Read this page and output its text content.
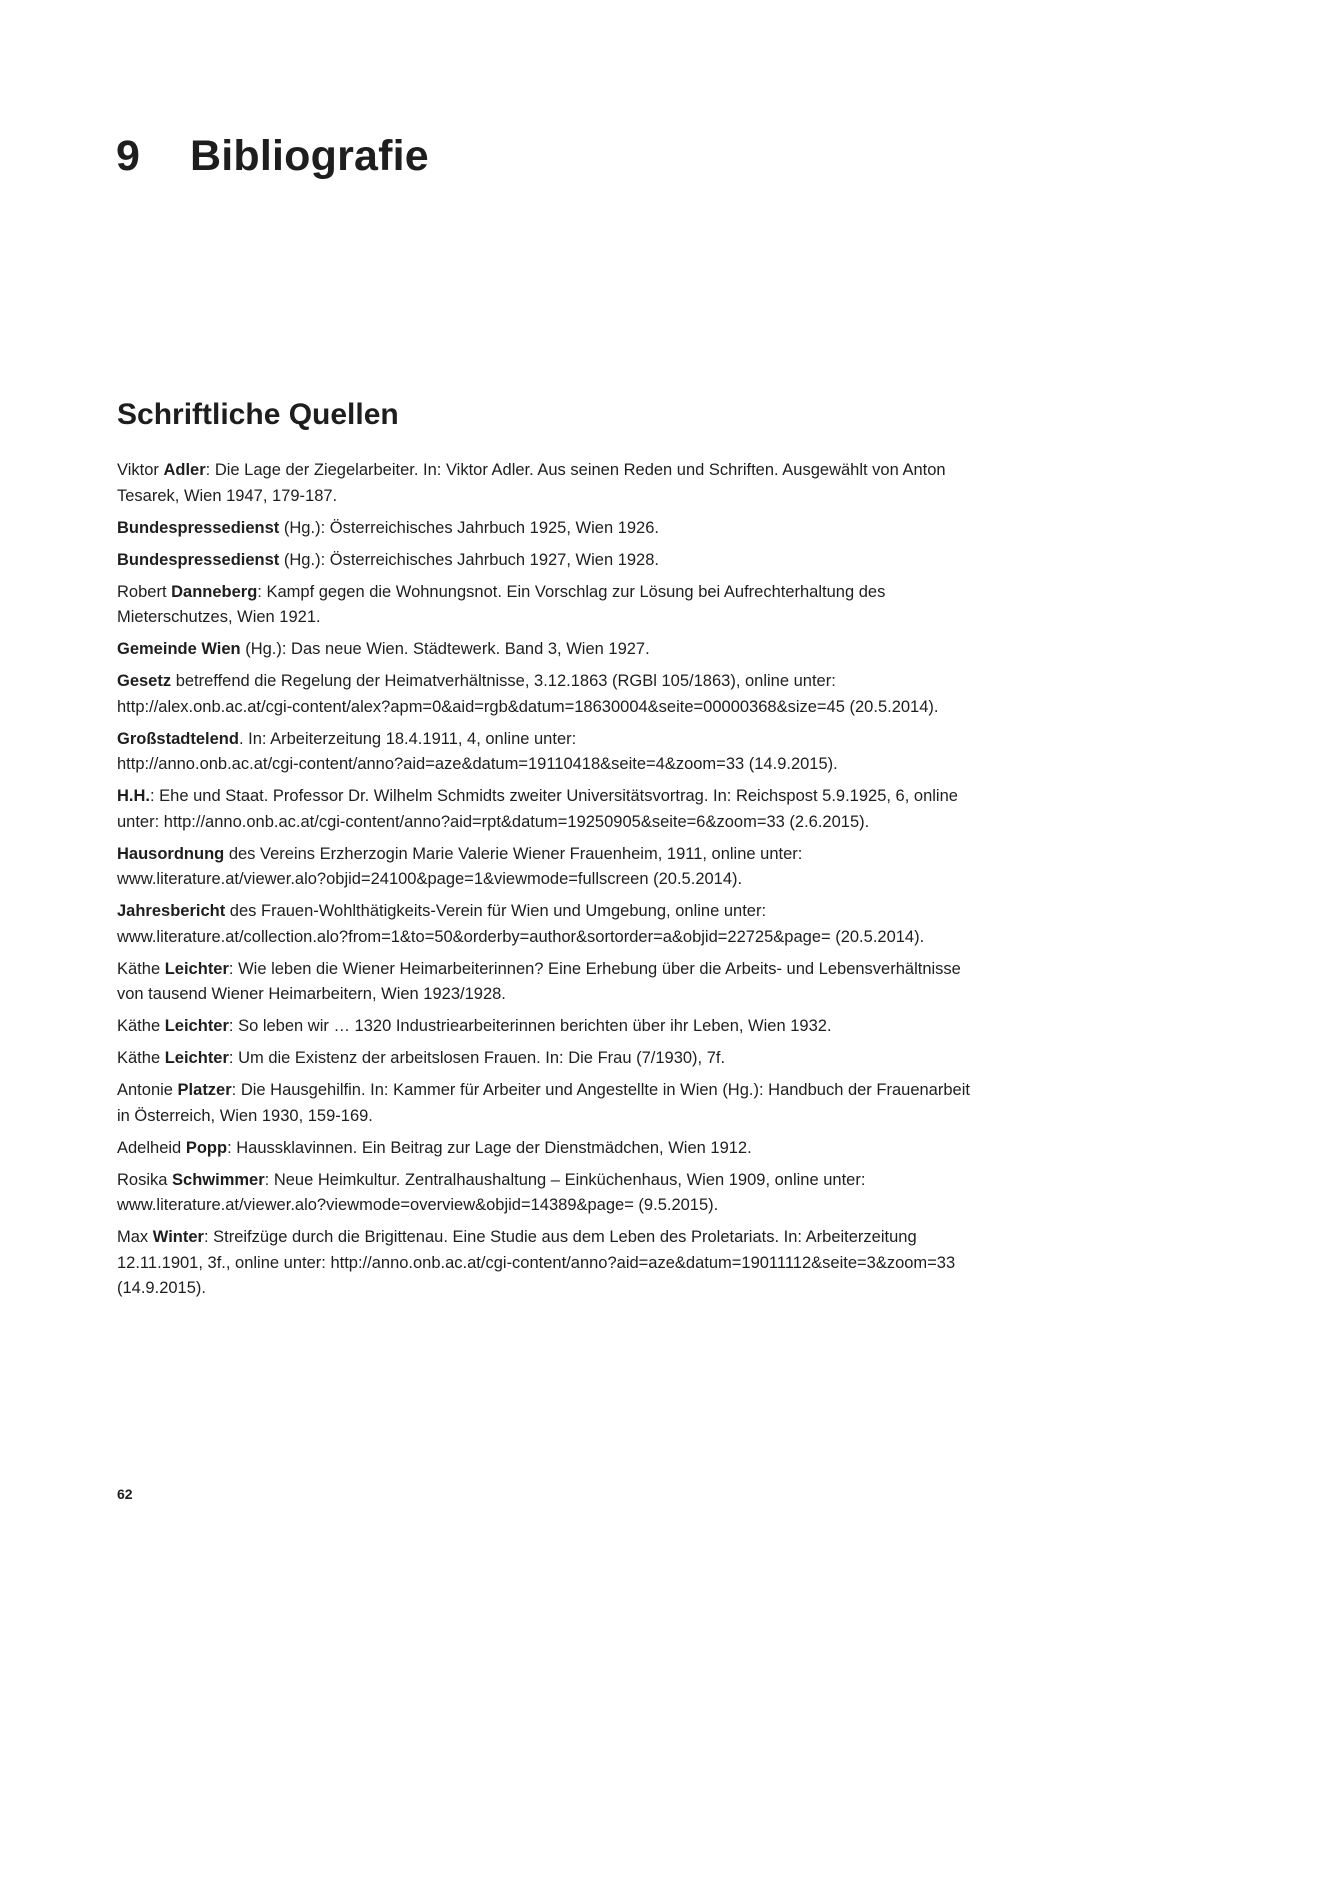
9 Bibliografie
Schriftliche Quellen
Viktor Adler: Die Lage der Ziegelarbeiter. In: Viktor Adler. Aus seinen Reden und Schriften. Ausgewählt von Anton Tesarek, Wien 1947, 179-187.
Bundespressedienst (Hg.): Österreichisches Jahrbuch 1925, Wien 1926.
Bundespressedienst (Hg.): Österreichisches Jahrbuch 1927, Wien 1928.
Robert Danneberg: Kampf gegen die Wohnungsnot. Ein Vorschlag zur Lösung bei Aufrechterhaltung des Mieterschutzes, Wien 1921.
Gemeinde Wien (Hg.): Das neue Wien. Städtewerk. Band 3, Wien 1927.
Gesetz betreffend die Regelung der Heimatverhältnisse, 3.12.1863 (RGBl 105/1863), online unter: http://alex.onb.ac.at/cgi-content/alex?apm=0&aid=rgb&datum=18630004&seite=00000368&size=45 (20.5.2014).
Großstadtelend. In: Arbeiterzeitung 18.4.1911, 4, online unter: http://anno.onb.ac.at/cgi-content/anno?aid=aze&datum=19110418&seite=4&zoom=33 (14.9.2015).
H.H.: Ehe und Staat. Professor Dr. Wilhelm Schmidts zweiter Universitätsvortrag. In: Reichspost 5.9.1925, 6, online unter: http://anno.onb.ac.at/cgi-content/anno?aid=rpt&datum=19250905&seite=6&zoom=33 (2.6.2015).
Hausordnung des Vereins Erzherzogin Marie Valerie Wiener Frauenheim, 1911, online unter: www.literature.at/viewer.alo?objid=24100&page=1&viewmode=fullscreen (20.5.2014).
Jahresbericht des Frauen-Wohlthätigkeits-Verein für Wien und Umgebung, online unter: www.literature.at/collection.alo?from=1&to=50&orderby=author&sortorder=a&objid=22725&page= (20.5.2014).
Käthe Leichter: Wie leben die Wiener Heimarbeiterinnen? Eine Erhebung über die Arbeits- und Lebensverhältnisse von tausend Wiener Heimarbeitern, Wien 1923/1928.
Käthe Leichter: So leben wir … 1320 Industriearbeiterinnen berichten über ihr Leben, Wien 1932.
Käthe Leichter: Um die Existenz der arbeitslosen Frauen. In: Die Frau (7/1930), 7f.
Antonie Platzer: Die Hausgehilfin. In: Kammer für Arbeiter und Angestellte in Wien (Hg.): Handbuch der Frauenarbeit in Österreich, Wien 1930, 159-169.
Adelheid Popp: Haussklavinnen. Ein Beitrag zur Lage der Dienstmädchen, Wien 1912.
Rosika Schwimmer: Neue Heimkultur. Zentralhaushaltung – Einküchenhaus, Wien 1909, online unter: www.literature.at/viewer.alo?viewmode=overview&objid=14389&page= (9.5.2015).
Max Winter: Streifzüge durch die Brigittenau. Eine Studie aus dem Leben des Proletariats. In: Arbeiterzeitung 12.11.1901, 3f., online unter: http://anno.onb.ac.at/cgi-content/anno?aid=aze&datum=19011112&seite=3&zoom=33 (14.9.2015).
62
